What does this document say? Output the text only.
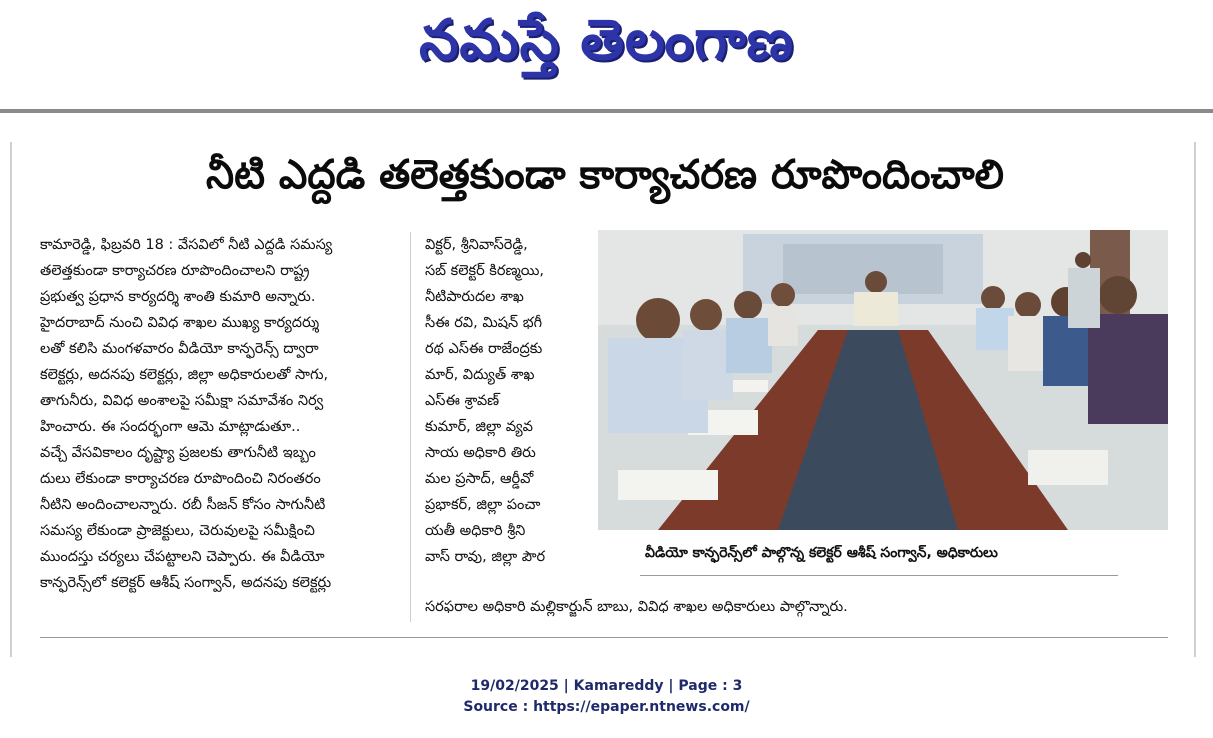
నమస్తే తెలంగాణ
నీటి ఎద్దడి తలెత్తకుండా కార్యాచరణ రూపొందించాలి
కామారెడ్డి, ఫిబ్రవరి 18 : వేసవిలో నీటి ఎద్దడి సమస్య
తలెత్తకుండా కార్యాచరణ రూపొందించాలని రాష్ట్ర
ప్రభుత్వ ప్రధాన కార్యదర్శి శాంతి కుమారి అన్నారు.
హైదరాబాద్ నుంచి వివిధ శాఖల ముఖ్య కార్యదర్శు
లతో కలిసి మంగళవారం వీడియో కాన్ఫరెన్స్ ద్వారా
కలెక్టర్లు, అదనపు కలెక్టర్లు, జిల్లా అధికారులతో సాగు,
తాగునీరు, వివిధ అంశాలపై సమీక్షా సమావేశం నిర్వ
హించారు. ఈ సందర్భంగా ఆమె మాట్లాడుతూ..
వచ్చే వేసవికాలం దృష్ట్యా ప్రజలకు తాగునీటి ఇబ్బం
దులు లేకుండా కార్యాచరణ రూపొందించి నిరంతరం
నీటిని అందించాలన్నారు. రబీ సీజన్ కోసం సాగునీటి
సమస్య లేకుండా ప్రాజెక్టులు, చెరువులపై సమీక్షించి
ముందస్తు చర్యలు చేపట్టాలని చెప్పారు. ఈ వీడియో
కాన్ఫరెన్స్‌లో కలెక్టర్ ఆశీష్ సంగ్వాన్, అదనపు కలెక్టర్లు
విక్టర్, శ్రీనివాస్‌రెడ్డి,
సబ్ కలెక్టర్ కిరణ్మయి,
నీటిపారుదల శాఖ
సీఈ రవి, మిషన్ భగీ
రథ ఎస్ఈ రాజేంద్రకు
మార్, విద్యుత్ శాఖ
ఎస్ఈ శ్రావణ్
కుమార్, జిల్లా వ్యవ
సాయ అధికారి తిరు
మల ప్రసాద్, ఆర్డీవో
ప్రభాకర్, జిల్లా పంచా
యతీ అధికారి శ్రీని
వాస్ రావు, జిల్లా పౌర	వీడియో కాన్ఫరెన్స్‌లో పాల్గొన్న కలెక్టర్ ఆశీష్ సంగ్వాన్, అధికారులు
సరఫరాల అధికారి మల్లికార్జున్ బాబు, వివిధ శాఖల అధికారులు పాల్గొన్నారు.
19/02/2025 | Kamareddy | Page : 3
Source : https://epaper.ntnews.com/
